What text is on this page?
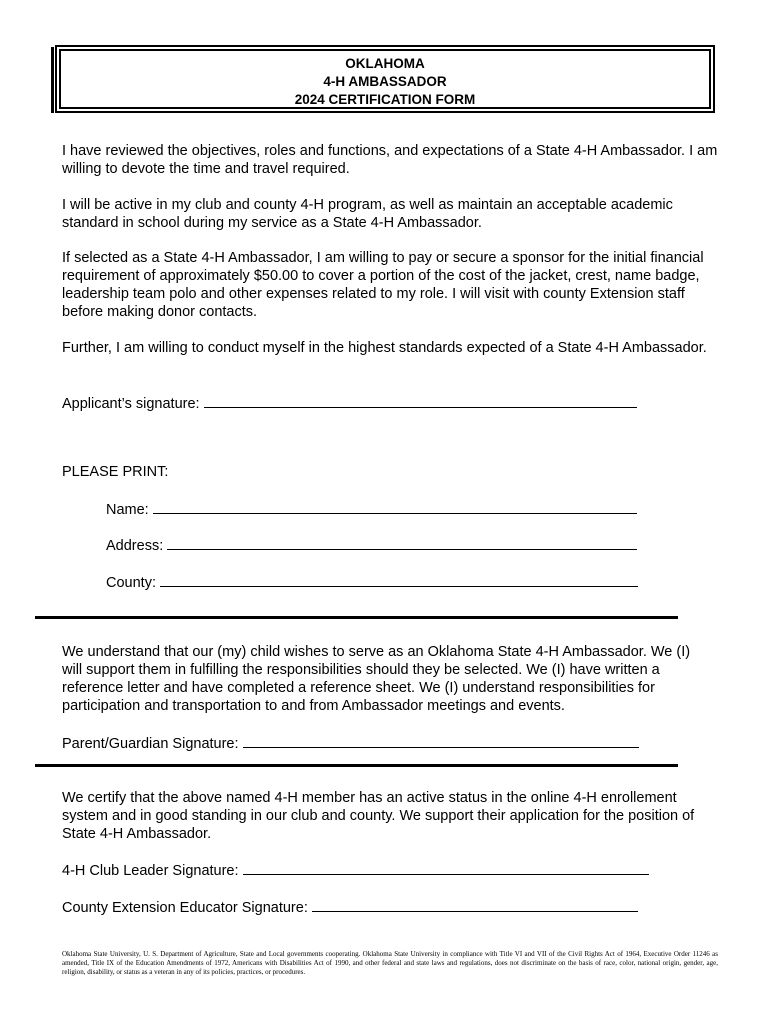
OKLAHOMA
4-H AMBASSADOR
2024 CERTIFICATION FORM
I have reviewed the objectives, roles and functions, and expectations of a State 4-H Ambassador. I am willing to devote the time and travel required.
I will be active in my club and county 4-H program, as well as maintain an acceptable academic standard in school during my service as a State 4-H Ambassador.
If selected as a State 4-H Ambassador, I am willing to pay or secure a sponsor for the initial financial requirement of approximately $50.00 to cover a portion of the cost of the jacket, crest, name badge, leadership team polo and other expenses related to my role. I will visit with county Extension staff before making donor contacts.
Further, I am willing to conduct myself in the highest standards expected of a State 4-H Ambassador.
Applicant’s signature:
PLEASE PRINT:
Name:
Address:
County:
We understand that our (my) child wishes to serve as an Oklahoma State 4-H Ambassador. We (I) will support them in fulfilling the responsibilities should they be selected. We (I) have written a reference letter and have completed a reference sheet. We (I) understand responsibilities for participation and transportation to and from Ambassador meetings and events.
Parent/Guardian Signature:
We certify that the above named 4-H member has an active status in the online 4-H enrollement system and in good standing in our club and county. We support their application for the position of State 4-H Ambassador.
4-H Club Leader Signature:
County Extension Educator Signature:
Oklahoma State University, U. S. Department of Agriculture, State and Local governments cooperating. Oklahoma State University in compliance with Title VI and VII of the Civil Rights Act of 1964, Executive Order 11246 as amended, Title IX of the Education Amendments of 1972, Americans with Disabilities Act of 1990, and other federal and state laws and regulations, does not discriminate on the basis of race, color, national origin, gender, age, religion, disability, or status as a veteran in any of its policies, practices, or procedures.
